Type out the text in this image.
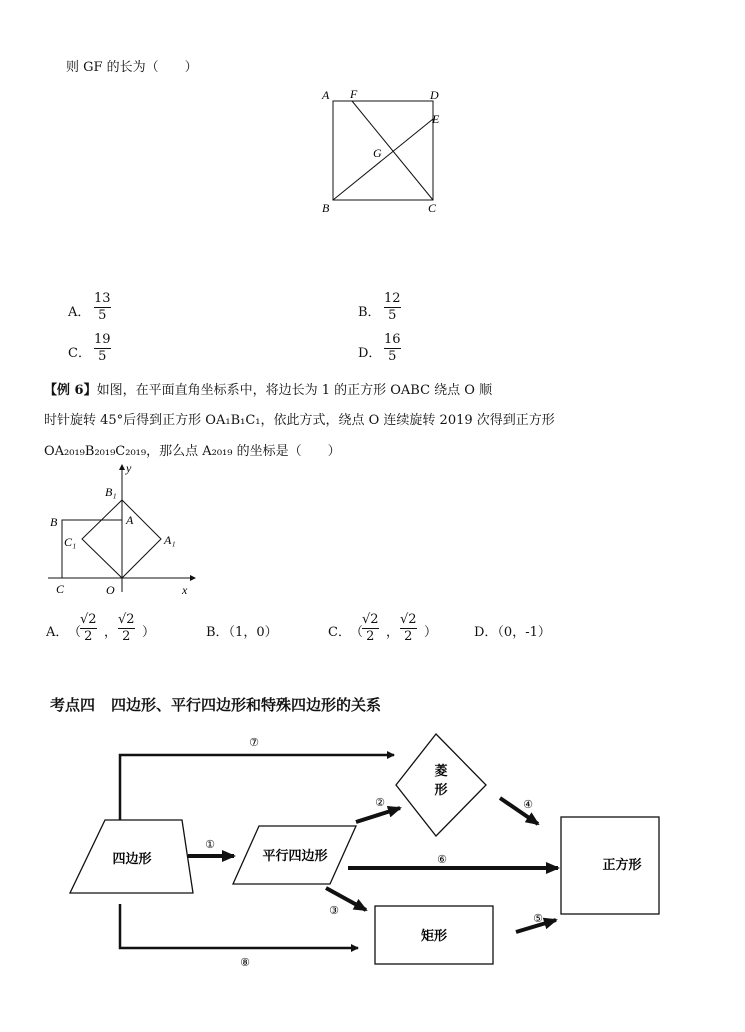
则 GF 的长为（　　）
A F	D
E
G
B	C
A．
13
5	B．
12
5
C．
19
5	D．
16
5
【例 6】如图，在平面直角坐标系中，将边长为 1 的正方形 OABC 绕点 O 顺
时针旋转 45°后得到正方形 OA₁B₁C₁，依此方式，绕点 O 连续旋转 2019 次得到正方形
OA₂₀₁₉B₂₀₁₉C₂₀₁₉，那么点 A₂₀₁₉ 的坐标是（　　）
y
B₁
B	A
C₁	A₁
C	O	x
A． （
√2
2 ，
√2
2 ）	B．（1，0）	C． （
√2
2 ，
√2
2 ）	D．（0，-1）
考点四 四边形、平行四边形和特殊四边形的关系
四边形	平行四边形
菱
形
矩形
正方形
⑦
①
②	④
⑥
③
⑤
⑧
